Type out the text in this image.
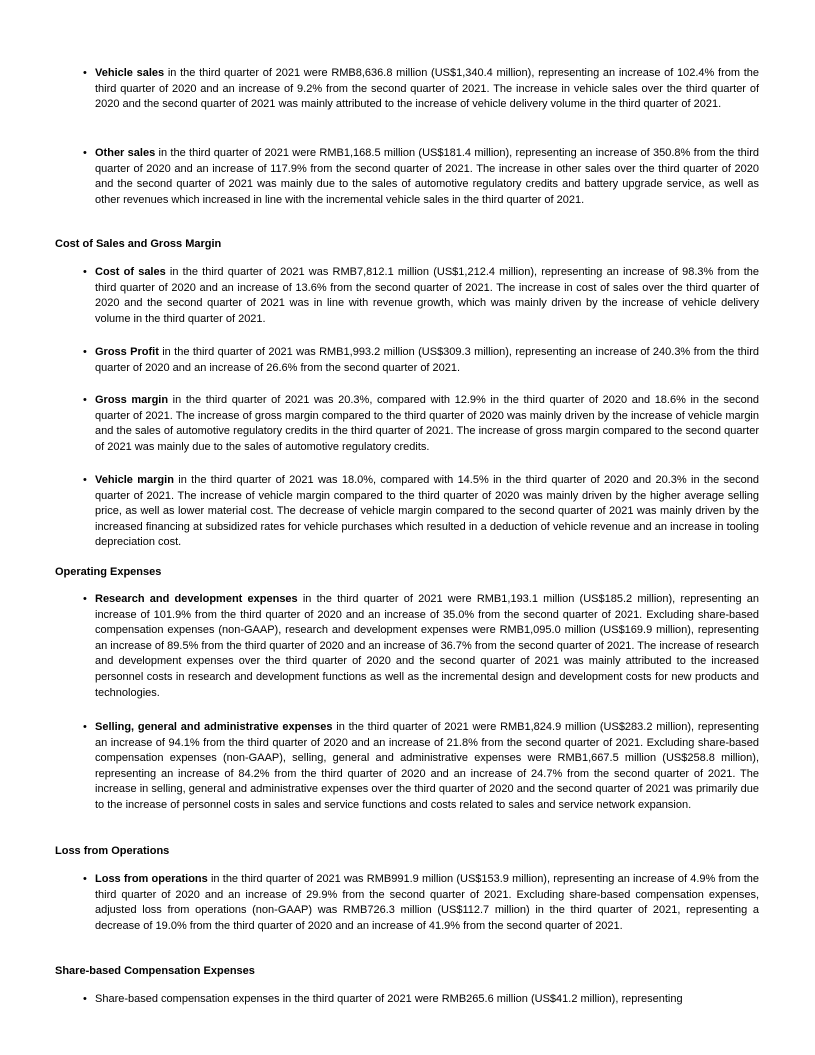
• Vehicle sales in the third quarter of 2021 were RMB8,636.8 million (US$1,340.4 million), representing an increase of 102.4% from the third quarter of 2020 and an increase of 9.2% from the second quarter of 2021. The increase in vehicle sales over the third quarter of 2020 and the second quarter of 2021 was mainly attributed to the increase of vehicle delivery volume in the third quarter of 2021.

• Other sales in the third quarter of 2021 were RMB1,168.5 million (US$181.4 million), representing an increase of 350.8% from the third quarter of 2020 and an increase of 117.9% from the second quarter of 2021. The increase in other sales over the third quarter of 2020 and the second quarter of 2021 was mainly due to the sales of automotive regulatory credits and battery upgrade service, as well as other revenues which increased in line with the incremental vehicle sales in the third quarter of 2021.

Cost of Sales and Gross Margin

• Cost of sales in the third quarter of 2021 was RMB7,812.1 million (US$1,212.4 million), representing an increase of 98.3% from the third quarter of 2020 and an increase of 13.6% from the second quarter of 2021. The increase in cost of sales over the third quarter of 2020 and the second quarter of 2021 was in line with revenue growth, which was mainly driven by the increase of vehicle delivery volume in the third quarter of 2021.

• Gross Profit in the third quarter of 2021 was RMB1,993.2 million (US$309.3 million), representing an increase of 240.3% from the third quarter of 2020 and an increase of 26.6% from the second quarter of 2021.

• Gross margin in the third quarter of 2021 was 20.3%, compared with 12.9% in the third quarter of 2020 and 18.6% in the second quarter of 2021. The increase of gross margin compared to the third quarter of 2020 was mainly driven by the increase of vehicle margin and the sales of automotive regulatory credits in the third quarter of 2021. The increase of gross margin compared to the second quarter of 2021 was mainly due to the sales of automotive regulatory credits.

• Vehicle margin in the third quarter of 2021 was 18.0%, compared with 14.5% in the third quarter of 2020 and 20.3% in the second quarter of 2021. The increase of vehicle margin compared to the third quarter of 2020 was mainly driven by the higher average selling price, as well as lower material cost. The decrease of vehicle margin compared to the second quarter of 2021 was mainly driven by the increased financing at subsidized rates for vehicle purchases which resulted in a deduction of vehicle revenue and an increase in tooling depreciation cost.

Operating Expenses

• Research and development expenses in the third quarter of 2021 were RMB1,193.1 million (US$185.2 million), representing an increase of 101.9% from the third quarter of 2020 and an increase of 35.0% from the second quarter of 2021. Excluding share-based compensation expenses (non-GAAP), research and development expenses were RMB1,095.0 million (US$169.9 million), representing an increase of 89.5% from the third quarter of 2020 and an increase of 36.7% from the second quarter of 2021. The increase of research and development expenses over the third quarter of 2020 and the second quarter of 2021 was mainly attributed to the increased personnel costs in research and development functions as well as the incremental design and development costs for new products and technologies.

• Selling, general and administrative expenses in the third quarter of 2021 were RMB1,824.9 million (US$283.2 million), representing an increase of 94.1% from the third quarter of 2020 and an increase of 21.8% from the second quarter of 2021. Excluding share-based compensation expenses (non-GAAP), selling, general and administrative expenses were RMB1,667.5 million (US$258.8 million), representing an increase of 84.2% from the third quarter of 2020 and an increase of 24.7% from the second quarter of 2021. The increase in selling, general and administrative expenses over the third quarter of 2020 and the second quarter of 2021 was primarily due to the increase of personnel costs in sales and service functions and costs related to sales and service network expansion.

Loss from Operations

• Loss from operations in the third quarter of 2021 was RMB991.9 million (US$153.9 million), representing an increase of 4.9% from the third quarter of 2020 and an increase of 29.9% from the second quarter of 2021. Excluding share-based compensation expenses, adjusted loss from operations (non-GAAP) was RMB726.3 million (US$112.7 million) in the third quarter of 2021, representing a decrease of 19.0% from the third quarter of 2020 and an increase of 41.9% from the second quarter of 2021.

Share-based Compensation Expenses

• Share-based compensation expenses in the third quarter of 2021 were RMB265.6 million (US$41.2 million), representing
